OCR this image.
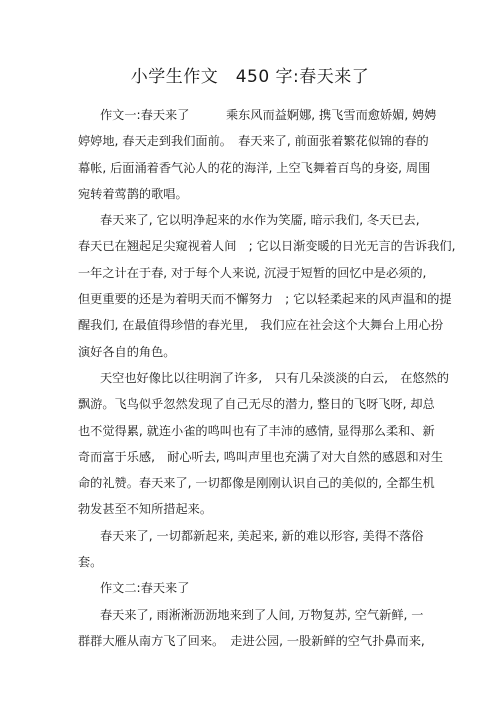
小学生作文　450 字:春天来了
作文一:春天来了　　　乘东风而益婀娜, 携飞雪而愈娇媚, 娉娉
婷婷地, 春天走到我们面前。　春天来了, 前面张着繁花似锦的春的
幕帐, 后面涌着香气沁人的花的海洋, 上空飞舞着百鸟的身姿, 周围
宛转着莺鹊的歌唱。
春天来了, 它以明净起来的水作为笑靥, 暗示我们, 冬天已去,
春天已在翘起足尖窥视着人间　; 它以日渐变暖的日光无言的告诉我们,
一年之计在于春, 对于每个人来说, 沉浸于短暂的回忆中是必须的,
但更重要的还是为着明天而不懈努力　; 它以轻柔起来的风声温和的提
醒我们, 在最值得珍惜的春光里,　我们应在社会这个大舞台上用心扮
演好各自的角色。
天空也好像比以往明润了许多,　只有几朵淡淡的白云,　在悠然的
飘游。飞鸟似乎忽然发现了自己无尽的潜力, 整日的飞呀飞呀, 却总
也不觉得累, 就连小雀的鸣叫也有了丰沛的感情, 显得那么柔和、新
奇而富于乐感,　耐心听去, 鸣叫声里也充满了对大自然的感恩和对生
命的礼赞。春天来了, 一切都像是刚刚认识自己的美似的, 全都生机
勃发甚至不知所措起来。
春天来了, 一切都新起来, 美起来, 新的难以形容, 美得不落俗
套。
作文二:春天来了
春天来了, 雨淅淅沥沥地来到了人间, 万物复苏, 空气新鲜, 一
群群大雁从南方飞了回来。　走进公园, 一股新鲜的空气扑鼻而来,
